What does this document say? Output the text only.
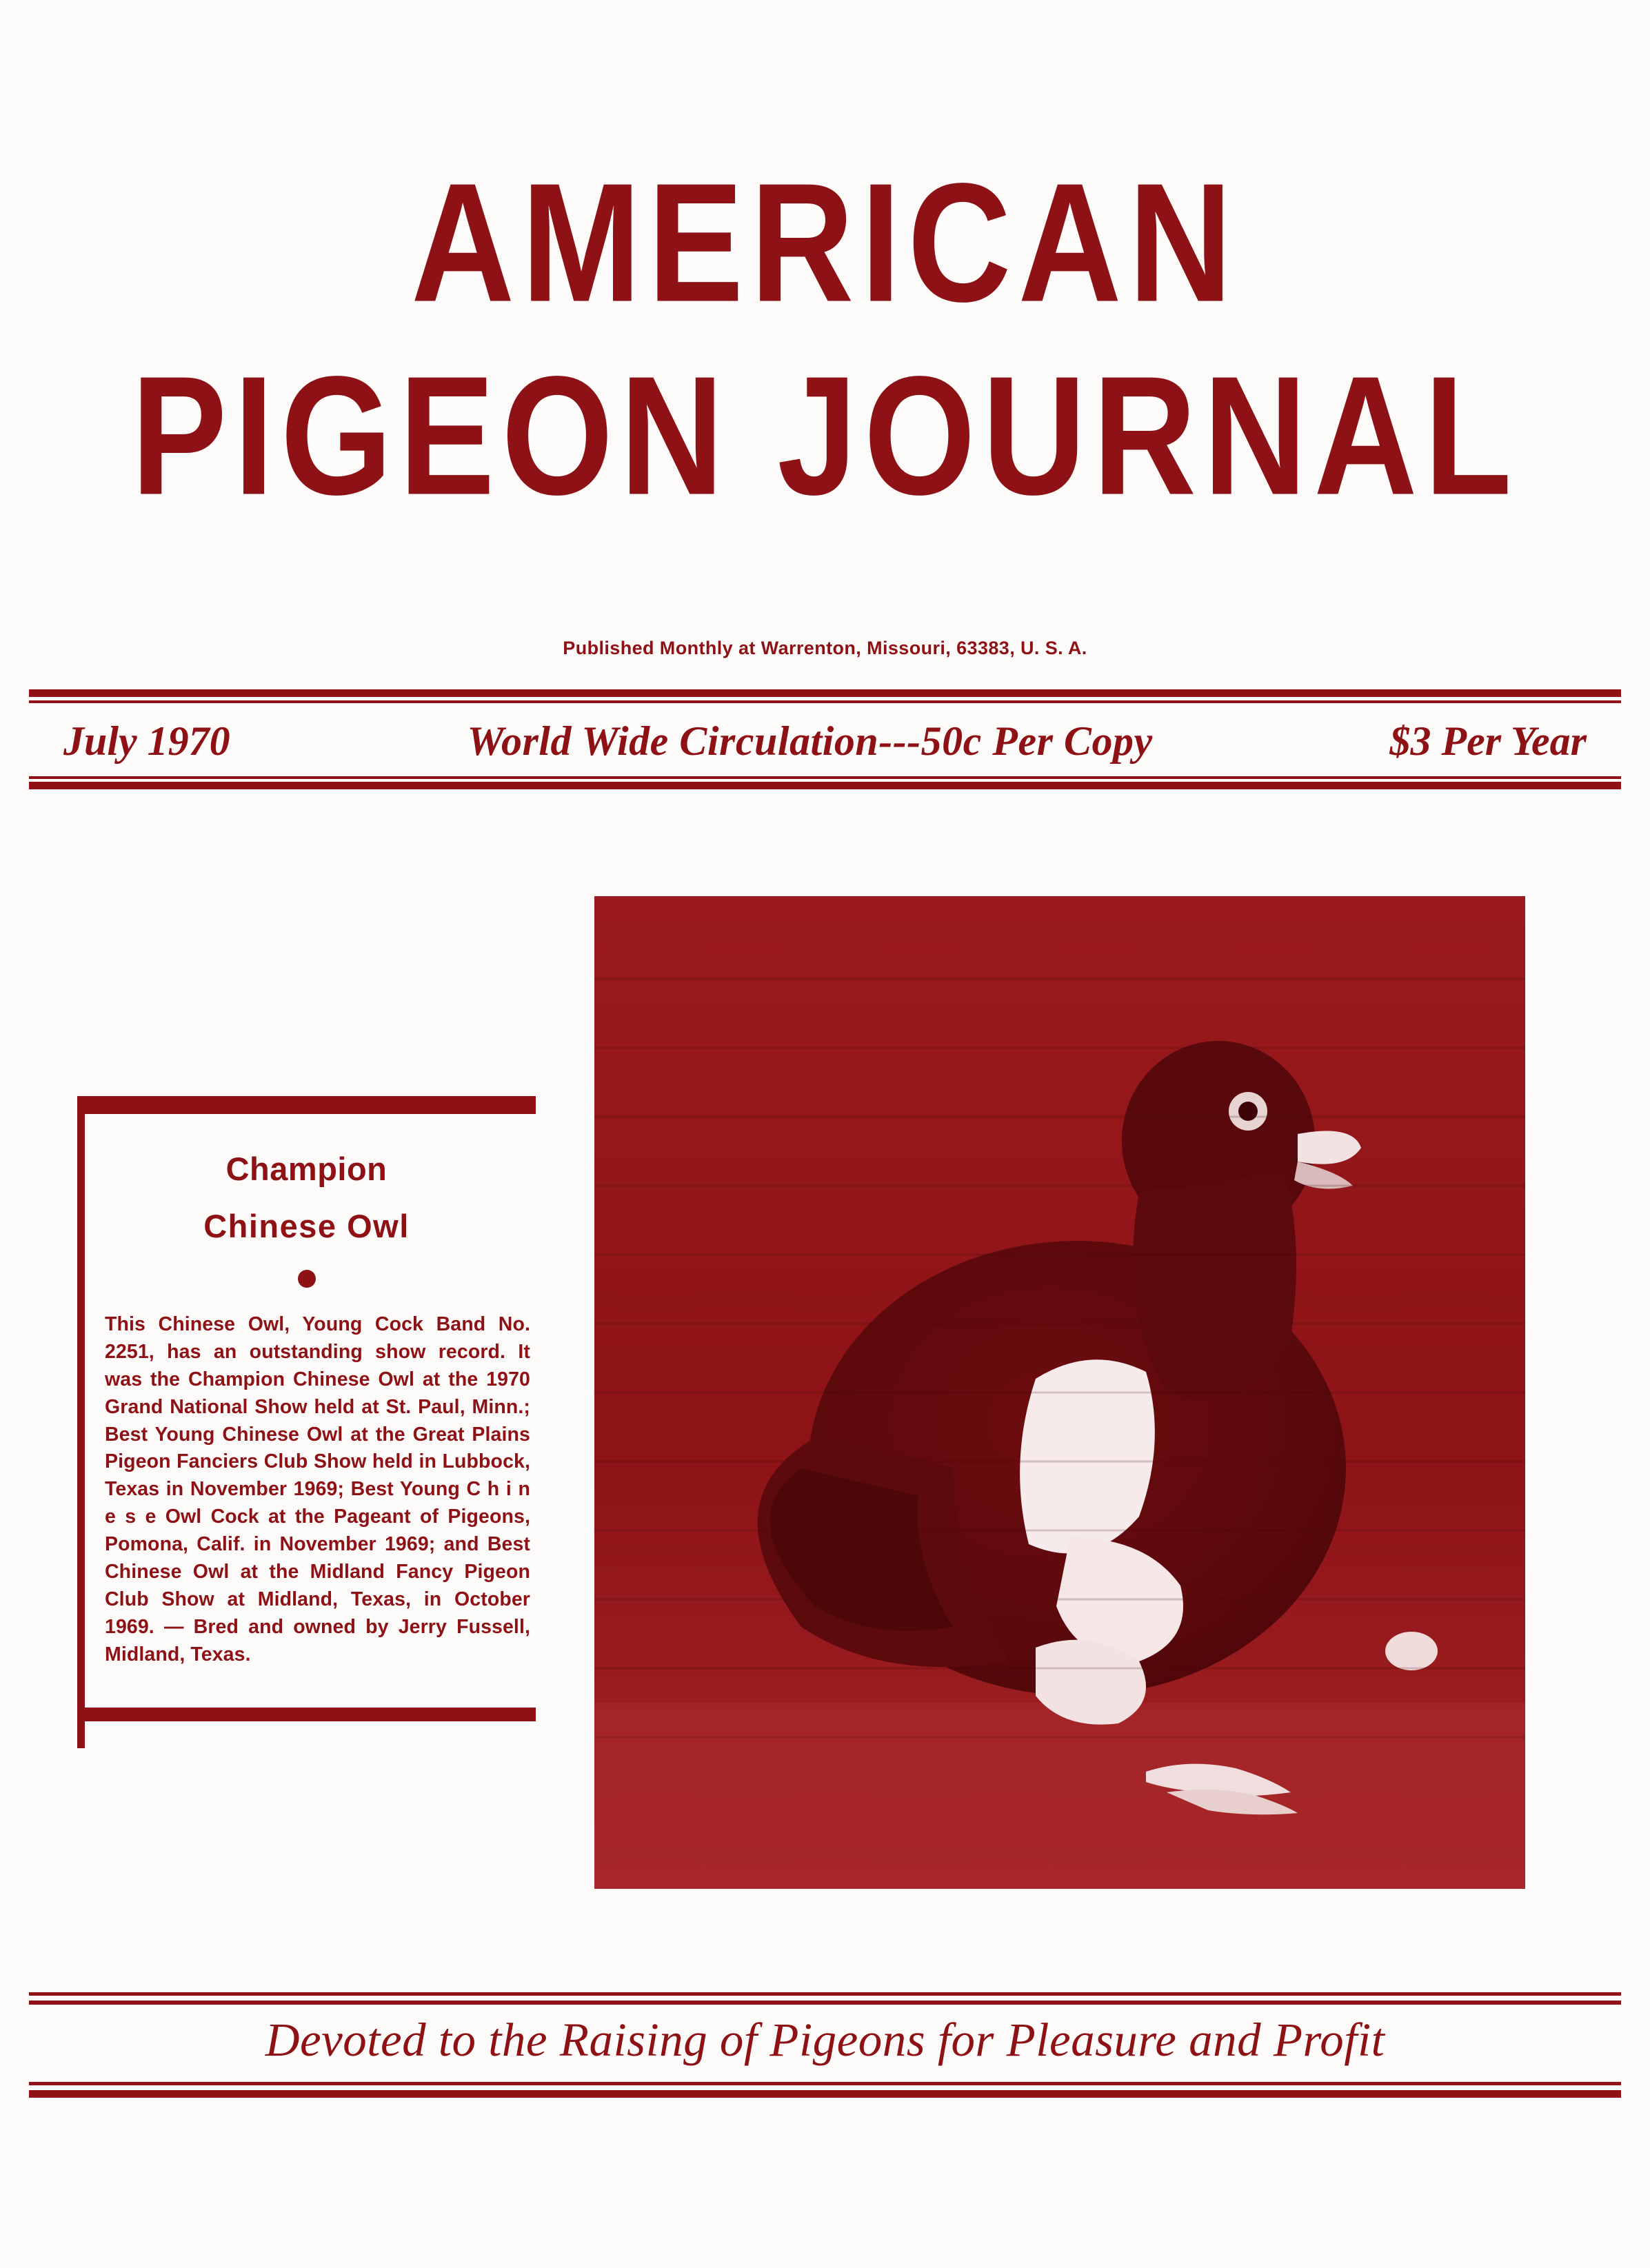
AMERICAN
PIGEON JOURNAL
Published Monthly at Warrenton, Missouri, 63383, U. S. A.
July 1970	World Wide Circulation---50c Per Copy	$3 Per Year
Champion
Chinese Owl
This Chinese Owl, Young Cock Band No. 2251, has an outstanding show record. It was the Champion Chinese Owl at the 1970 Grand National Show held at St. Paul, Minn.; Best Young Chinese Owl at the Great Plains Pigeon Fanciers Club Show held in Lubbock, Texas in November 1969; Best Young C h i n e s e Owl Cock at the Pageant of Pigeons, Pomona, Calif. in November 1969; and Best Chinese Owl at the Midland Fancy Pigeon Club Show at Midland, Texas, in October 1969. — Bred and owned by Jerry Fussell, Midland, Texas.
Devoted to the Raising of Pigeons for Pleasure and Profit
